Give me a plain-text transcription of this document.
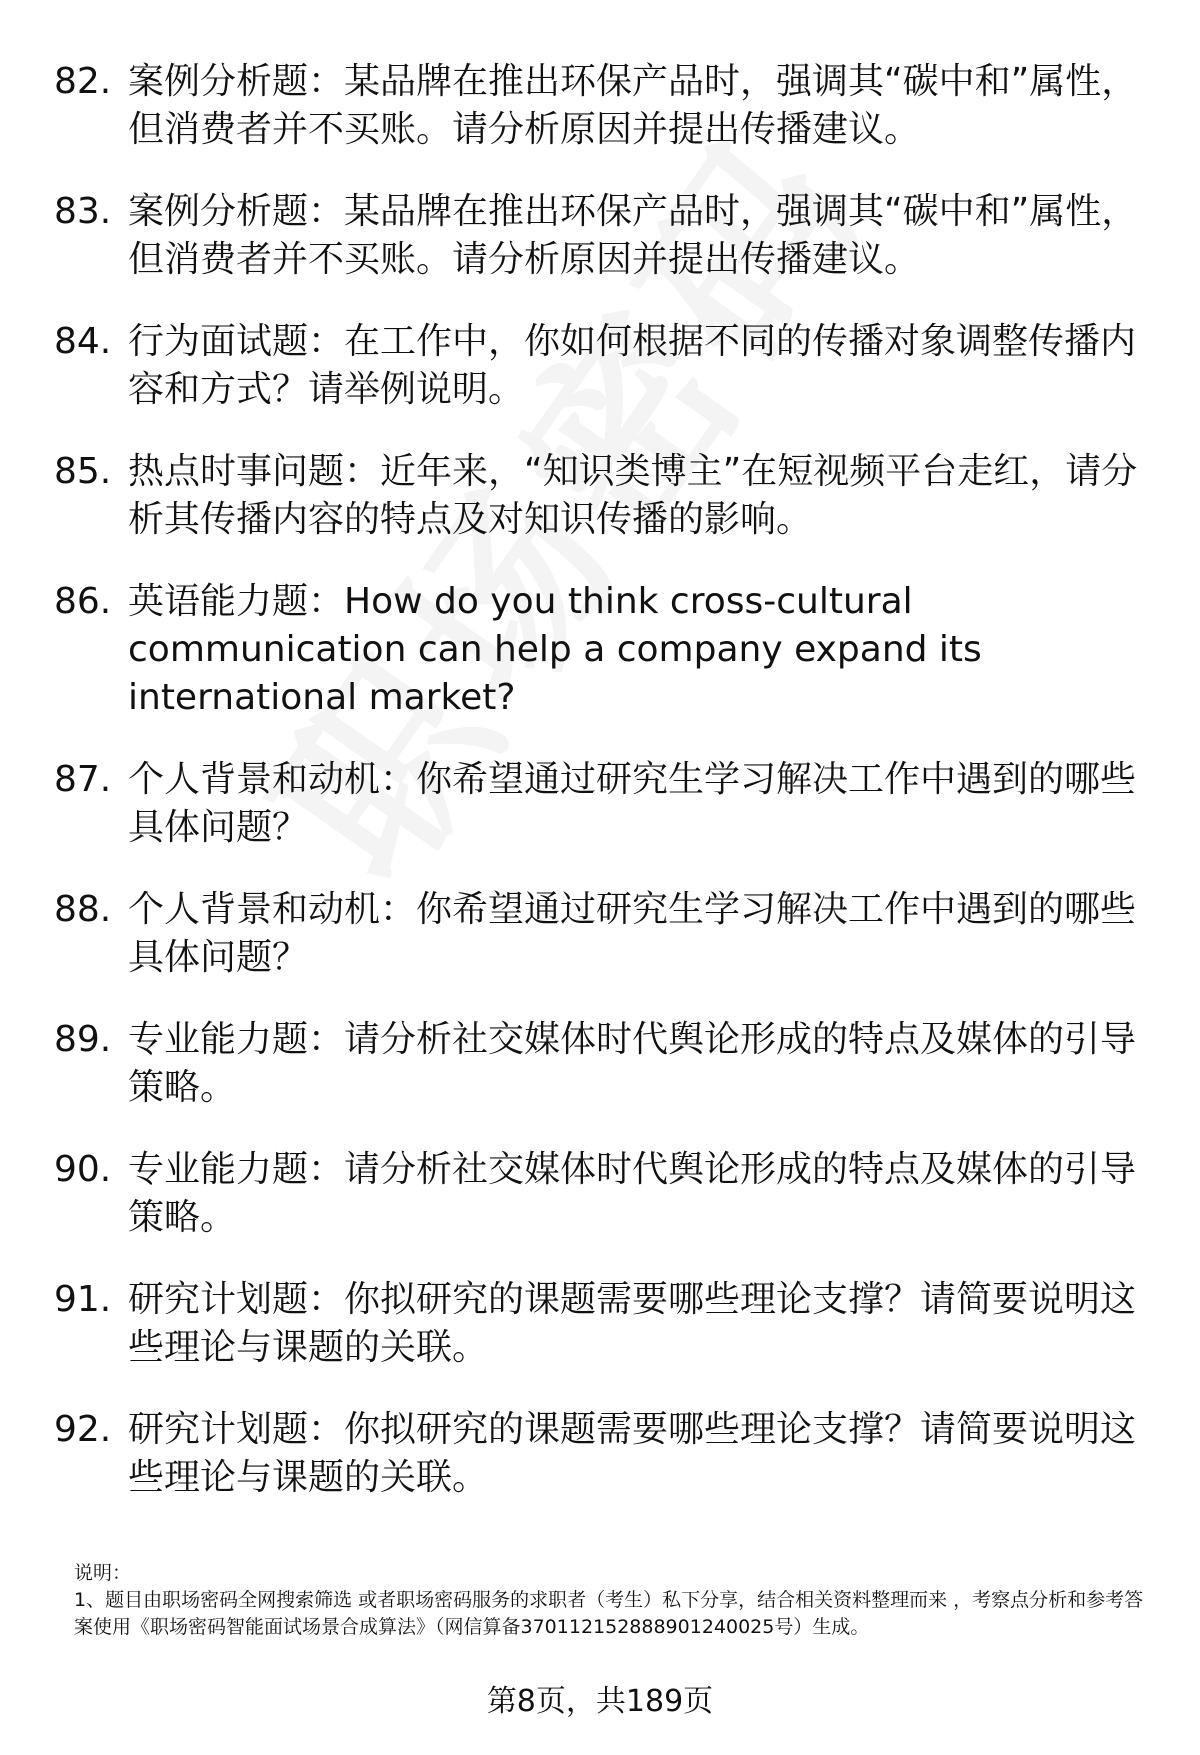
82. 案例分析题：某品牌在推出环保产品时，强调其“碳中和”属性，但消费者并不买账。请分析原因并提出传播建议。
83. 案例分析题：某品牌在推出环保产品时，强调其“碳中和”属性，但消费者并不买账。请分析原因并提出传播建议。
84. 行为面试题：在工作中，你如何根据不同的传播对象调整传播内容和方式？请举例说明。
85. 热点时事问题：近年来，“知识类博主”在短视频平台走红，请分析其传播内容的特点及对知识传播的影响。
86. 英语能力题：How do you think cross-cultural communication can help a company expand its international market?
87. 个人背景和动机：你希望通过研究生学习解决工作中遇到的哪些具体问题？
88. 个人背景和动机：你希望通过研究生学习解决工作中遇到的哪些具体问题？
89. 专业能力题：请分析社交媒体时代舆论形成的特点及媒体的引导策略。
90. 专业能力题：请分析社交媒体时代舆论形成的特点及媒体的引导策略。
91. 研究计划题：你拟研究的课题需要哪些理论支撑？请简要说明这些理论与课题的关联。
92. 研究计划题：你拟研究的课题需要哪些理论支撑？请简要说明这些理论与课题的关联。
说明：
1、题目由职场密码全网搜索筛选 或者职场密码服务的求职者（考生）私下分享，结合相关资料整理而来 ，考察点分析和参考答案使用《职场密码智能面试场景合成算法》（网信算备370112152888901240025号）生成。
第8页，共189页
